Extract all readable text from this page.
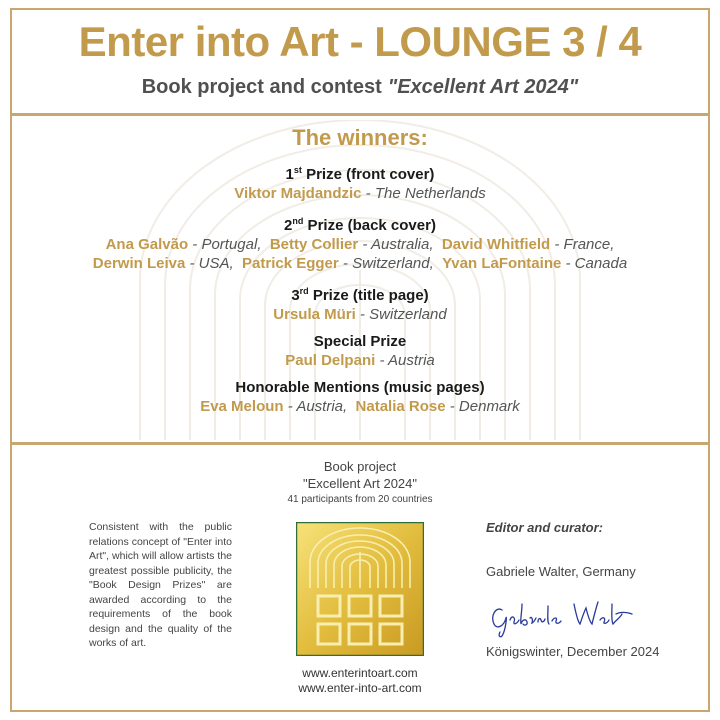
Enter into Art - LOUNGE 3 / 4
Book project and contest "Excellent Art 2024"
The winners:
1st Prize (front cover)
Viktor Majdandzic - The Netherlands
2nd Prize (back cover)
Ana Galvão - Portugal, Betty Collier - Australia, David Whitfield - France,
Derwin Leiva - USA, Patrick Egger - Switzerland, Yvan LaFontaine - Canada
3rd Prize (title page)
Ursula Müri - Switzerland
Special Prize
Paul Delpani - Austria
Honorable Mentions (music pages)
Eva Meloun - Austria, Natalia Rose - Denmark
Book project
"Excellent Art 2024"
41 participants from 20 countries
www.enterintoart.com
www.enter-into-art.com
Consistent with the public relations concept of "Enter into Art", which will allow artists the greatest possible publicity, the "Book Design Prizes" are awarded according to the requirements of the book design and the quality of the works of art.
Editor and curator:
Gabriele Walter, Germany
Königswinter, December 2024
